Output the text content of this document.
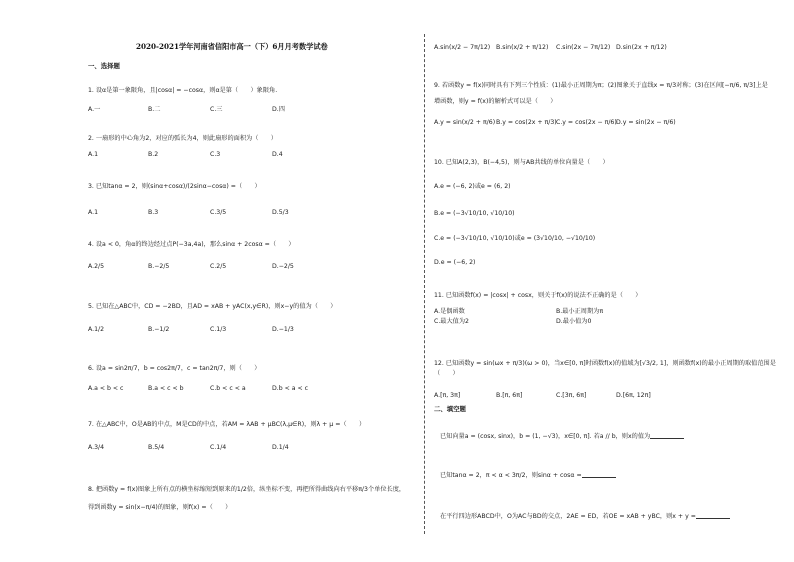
2020-2021学年河南省信阳市高一（下）6月月考数学试卷
一、选择题
1. 设α是第一象限角，且|cosα| = −cosα，则α是第（　　）象限角.
A.一	B.二	C.三	D.四
2. 一扇形的中心角为2，对应的弧长为4，则此扇形的面积为（　　）
A.1	B.2	C.3	D.4
3. 已知tanα = 2，则(sinα+cosα)/(2sinα−cosα) =（　　）
A.1	B.3	C.3/5	D.5/3
4. 设a < 0，角α的终边经过点P(−3a,4a)，那么sinα + 2cosα =（　　）
A.2/5	B.−2/5	C.2/5	D.−2/5
5. 已知在△ABC中，CD = −2BD，且AD = xAB + yAC(x,y∈R)，则x−y的值为（　　）
A.1/2	B.−1/2	C.1/3	D.−1/3
6. 设a = sin2π/7，b = cos2π/7，c = tan2π/7，则（　　）
A.a < b < c	B.a < c < b	C.b < c < a	D.b < a < c
7. 在△ABC中，O是AB的中点，M是CD的中点，若AM = λAB + μBC(λ,μ∈R)，则λ + μ =（　　）
A.3/4	B.5/4	C.1/4	D.1/4
8. 把函数y = f(x)图象上所有点的横坐标缩短到原来的1/2倍，纵坐标不变，再把所得曲线向右平移π/3个单位长度，
得到函数y = sin(x−π/4)的图象，则f(x) =（　　）
A.sin(x/2 − 7π/12) B.sin(x/2 + π/12) C.sin(2x − 7π/12) D.sin(2x + π/12)
9. 若函数y = f(x)同时具有下列三个性质：(1)最小正周期为π；(2)图象关于直线x = π/3对称；(3)在区间[−π/6, π/3]上是
增函数，则y = f(x)的解析式可以是（　　）
A.y = sin(x/2 + π/6) B.y = cos(2x + π/3) C.y = cos(2x − π/6) D.y = sin(2x − π/6)
10. 已知A(2,3)，B(−4,5)，则与AB共线的单位向量是（　　）
A.e = (−6, 2)或e = (6, 2)
B.e = (−3√10/10, √10/10)
C.e = (−3√10/10, √10/10)或e = (3√10/10, −√10/10)
D.e = (−6, 2)
11. 已知函数f(x) = |cosx| + cosx，则关于f(x)的说法不正确的是（　　）
A.是偶函数	B.最小正周期为π
C.最大值为2	D.最小值为0
12. 已知函数y = sin(ωx + π/3)(ω > 0)，当x∈[0, π]时函数f(x)的值域为[√3/2, 1]，则函数f(x)的最小正周期的取值范围是
（　　）
A.[π, 3π]	B.[π, 6π]	C.[3π, 6π]	D.[6π, 12π]
二、填空题
已知向量a = (cosx, sinx)，b = (1, −√3)，x∈[0, π]. 若a // b，则x的值为
已知tanα = 2，π < α < 3π/2，则sinα + cosα =
在平行四边形ABCD中，O为AC与BD的交点，2AE = ED，若OE = xAB + yBC，则x + y =
